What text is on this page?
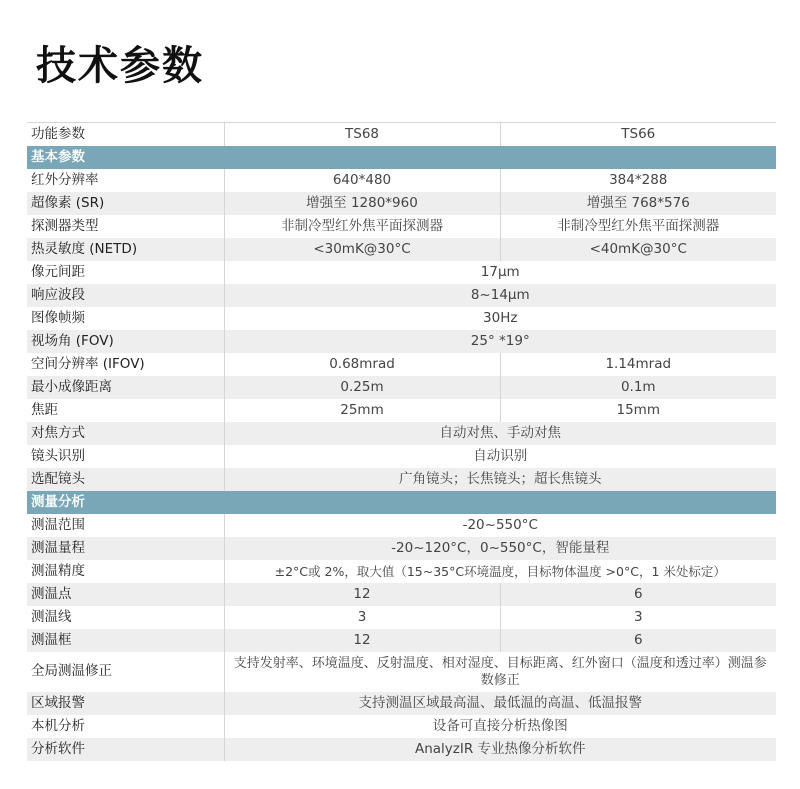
技术参数
功能参数	TS68	TS66
基本参数		
红外分辨率	640*480	384*288
超像素 (SR)	增强至 1280*960	增强至 768*576
探测器类型	非制冷型红外焦平面探测器	非制冷型红外焦平面探测器
热灵敏度 (NETD)	<30mK@30°C	<40mK@30°C
像元间距	17μm	
响应波段	8~14μm	
图像帧频	30Hz	
视场角 (FOV)	25° *19°	
空间分辨率 (IFOV)	0.68mrad	1.14mrad
最小成像距离	0.25m	0.1m
焦距	25mm	15mm
对焦方式	自动对焦、手动对焦	
镜头识别	自动识别	
选配镜头	广角镜头；长焦镜头；超长焦镜头	
测量分析		
测温范围	-20~550°C	
测温量程	-20~120°C，0~550°C，智能量程	
测温精度	±2°C或 2%，取大值（15~35°C环境温度，目标物体温度 >0°C，1 米处标定）	
测温点	12	6
测温线	3	3
测温框	12	6
全局测温修正	支持发射率、环境温度、反射温度、相对湿度、目标距离、红外窗口（温度和透过率）测温参数修正	
区域报警	支持测温区域最高温、最低温的高温、低温报警	
本机分析	设备可直接分析热像图	
分析软件	AnalyzIR 专业热像分析软件	
